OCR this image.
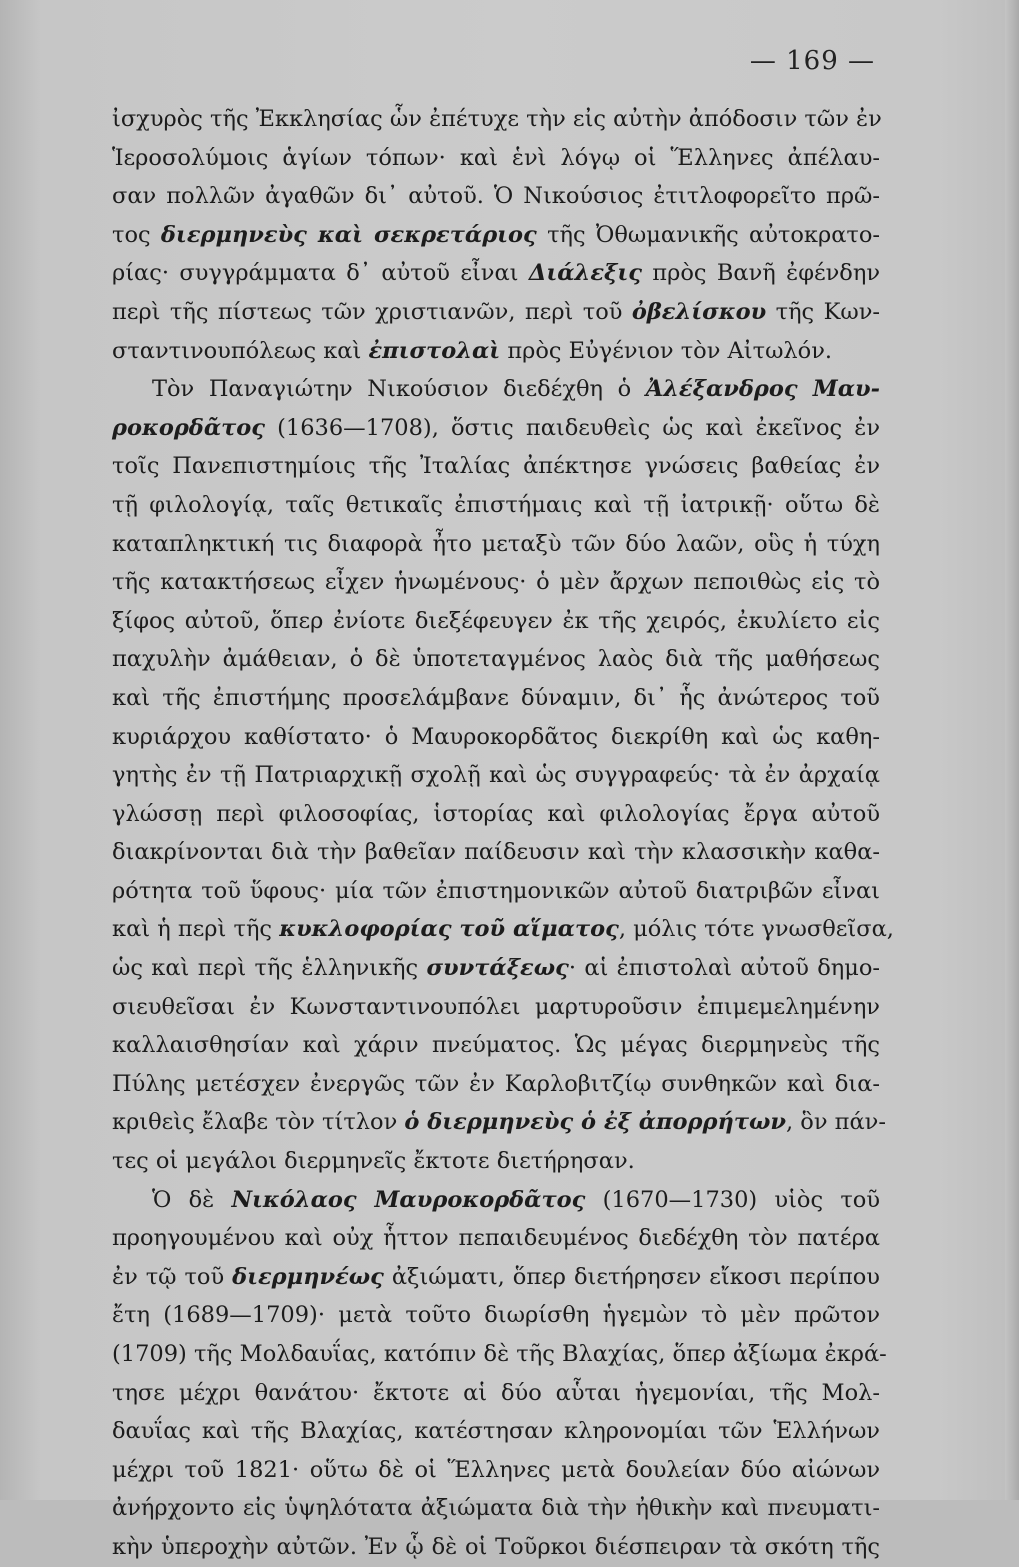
— 169 —
ἰσχυρὸς τῆς Ἐκκλησίας ὧν ἐπέτυχε τὴν εἰς αὐτὴν ἀπόδοσιν τῶν ἐν
Ἱεροσολύμοις ἁγίων τόπων· καὶ ἑνὶ λόγῳ οἱ Ἕλληνες ἀπέλαυ-
σαν πολλῶν ἀγαθῶν δι᾿ αὐτοῦ. Ὁ Νικούσιος ἐτιτλοφορεῖτο πρῶ-
τος διερμηνεὺς καὶ σεκρετάριος τῆς Ὀθωμανικῆς αὐτοκρατο-
ρίας· συγγράμματα δ᾿ αὐτοῦ εἶναι Διάλεξις πρὸς Βανῆ ἐφένδην
περὶ τῆς πίστεως τῶν χριστιανῶν, περὶ τοῦ ὀβελίσκου τῆς Κων-
σταντινουπόλεως καὶ ἐπιστολαὶ πρὸς Εὐγένιον τὸν Αἰτωλόν.
Τὸν Παναγιώτην Νικούσιον διεδέχθη ὁ Ἀλέξανδρος Μαυ-
ροκορδᾶτος (1636—1708), ὅστις παιδευθεὶς ὡς καὶ ἐκεῖνος ἐν
τοῖς Πανεπιστημίοις τῆς Ἰταλίας ἀπέκτησε γνώσεις βαθείας ἐν
τῇ φιλολογίᾳ, ταῖς θετικαῖς ἐπιστήμαις καὶ τῇ ἰατρικῇ· οὕτω δὲ
καταπληκτική τις διαφορὰ ἦτο μεταξὺ τῶν δύο λαῶν, οὓς ἡ τύχη
τῆς κατακτήσεως εἶχεν ἡνωμένους· ὁ μὲν ἄρχων πεποιθὼς εἰς τὸ
ξίφος αὐτοῦ, ὅπερ ἐνίοτε διεξέφευγεν ἐκ τῆς χειρός, ἐκυλίετο εἰς
παχυλὴν ἀμάθειαν, ὁ δὲ ὑποτεταγμένος λαὸς διὰ τῆς μαθήσεως
καὶ τῆς ἐπιστήμης προσελάμβανε δύναμιν, δι᾿ ἧς ἀνώτερος τοῦ
κυριάρχου καθίστατο· ὁ Μαυροκορδᾶτος διεκρίθη καὶ ὡς καθη-
γητὴς ἐν τῇ Πατριαρχικῇ σχολῇ καὶ ὡς συγγραφεύς· τὰ ἐν ἀρχαίᾳ
γλώσσῃ περὶ φιλοσοφίας, ἱστορίας καὶ φιλολογίας ἔργα αὐτοῦ
διακρίνονται διὰ τὴν βαθεῖαν παίδευσιν καὶ τὴν κλασσικὴν καθα-
ρότητα τοῦ ὕφους· μία τῶν ἐπιστημονικῶν αὐτοῦ διατριβῶν εἶναι
καὶ ἡ περὶ τῆς κυκλοφορίας τοῦ αἵματος, μόλις τότε γνωσθεῖσα,
ὡς καὶ περὶ τῆς ἑλληνικῆς συντάξεως· αἱ ἐπιστολαὶ αὐτοῦ δημο-
σιευθεῖσαι ἐν Κωνσταντινουπόλει μαρτυροῦσιν ἐπιμεμελημένην
καλλαισθησίαν καὶ χάριν πνεύματος. Ὡς μέγας διερμηνεὺς τῆς
Πύλης μετέσχεν ἐνεργῶς τῶν ἐν Καρλοβιτζίῳ συνθηκῶν καὶ δια-
κριθεὶς ἔλαβε τὸν τίτλον ὁ διερμηνεὺς ὁ ἐξ ἀπορρήτων, ὃν πάν-
τες οἱ μεγάλοι διερμηνεῖς ἔκτοτε διετήρησαν.
Ὁ δὲ Νικόλαος Μαυροκορδᾶτος (1670—1730) υἱὸς τοῦ
προηγουμένου καὶ οὐχ ἧττον πεπαιδευμένος διεδέχθη τὸν πατέρα
ἐν τῷ τοῦ διερμηνέως ἀξιώματι, ὅπερ διετήρησεν εἴκοσι περίπου
ἔτη (1689—1709)· μετὰ τοῦτο διωρίσθη ἡγεμὼν τὸ μὲν πρῶτον
(1709) τῆς Μολδαυΐας, κατόπιν δὲ τῆς Βλαχίας, ὅπερ ἀξίωμα ἐκρά-
τησε μέχρι θανάτου· ἔκτοτε αἱ δύο αὗται ἡγεμονίαι, τῆς Μολ-
δαυΐας καὶ τῆς Βλαχίας, κατέστησαν κληρονομίαι τῶν Ἑλλήνων
μέχρι τοῦ 1821· οὕτω δὲ οἱ Ἕλληνες μετὰ δουλείαν δύο αἰώνων
ἀνήρχοντο εἰς ὑψηλότατα ἀξιώματα διὰ τὴν ἠθικὴν καὶ πνευματι-
κὴν ὑπεροχὴν αὐτῶν. Ἐν ᾧ δὲ οἱ Τοῦρκοι διέσπειραν τὰ σκότη τῆς
